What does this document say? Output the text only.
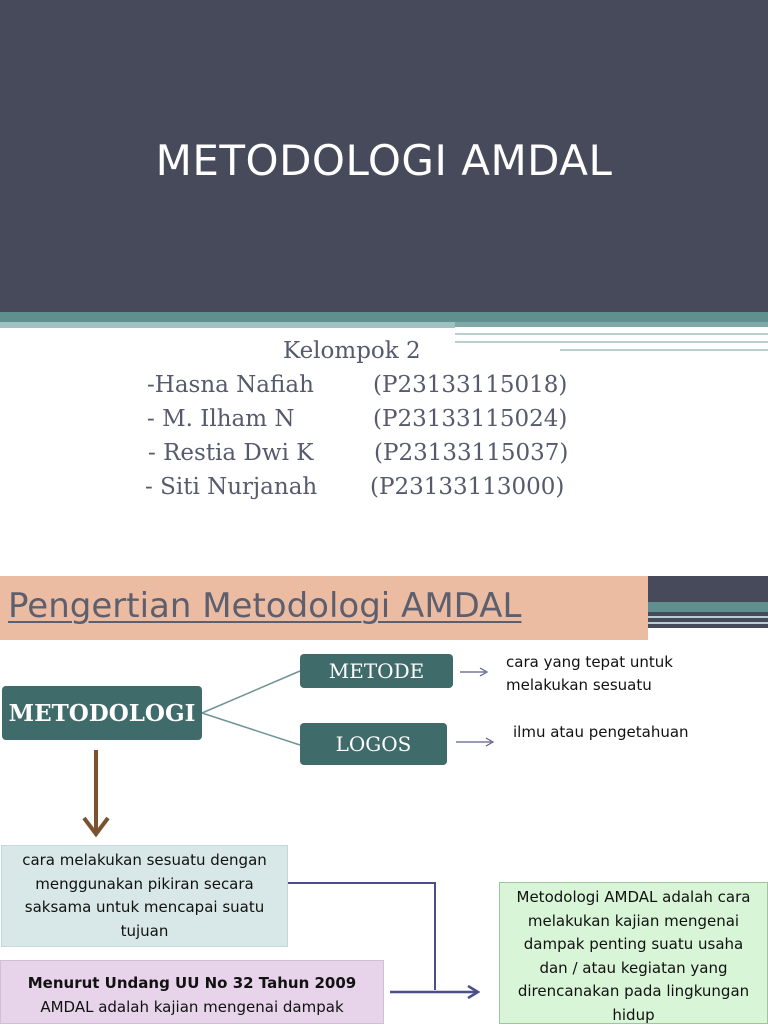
METODOLOGI AMDAL
Kelompok 2
-Hasna Nafiah	(P23133115018)
- M. Ilham N	(P23133115024)
- Restia Dwi K	(P23133115037)
- Siti Nurjanah (P23133113000)
Pengertian Metodologi AMDAL
METODOLOGI
METODE
LOGOS
cara yang tepat untuk melakukan sesuatu
ilmu atau pengetahuan
cara melakukan sesuatu dengan menggunakan pikiran secara saksama untuk mencapai suatu tujuan
Menurut Undang UU No 32 Tahun 2009
AMDAL adalah kajian mengenai dampak
Metodologi AMDAL adalah cara melakukan kajian mengenai dampak penting suatu usaha dan / atau kegiatan yang direncanakan pada lingkungan hidup
